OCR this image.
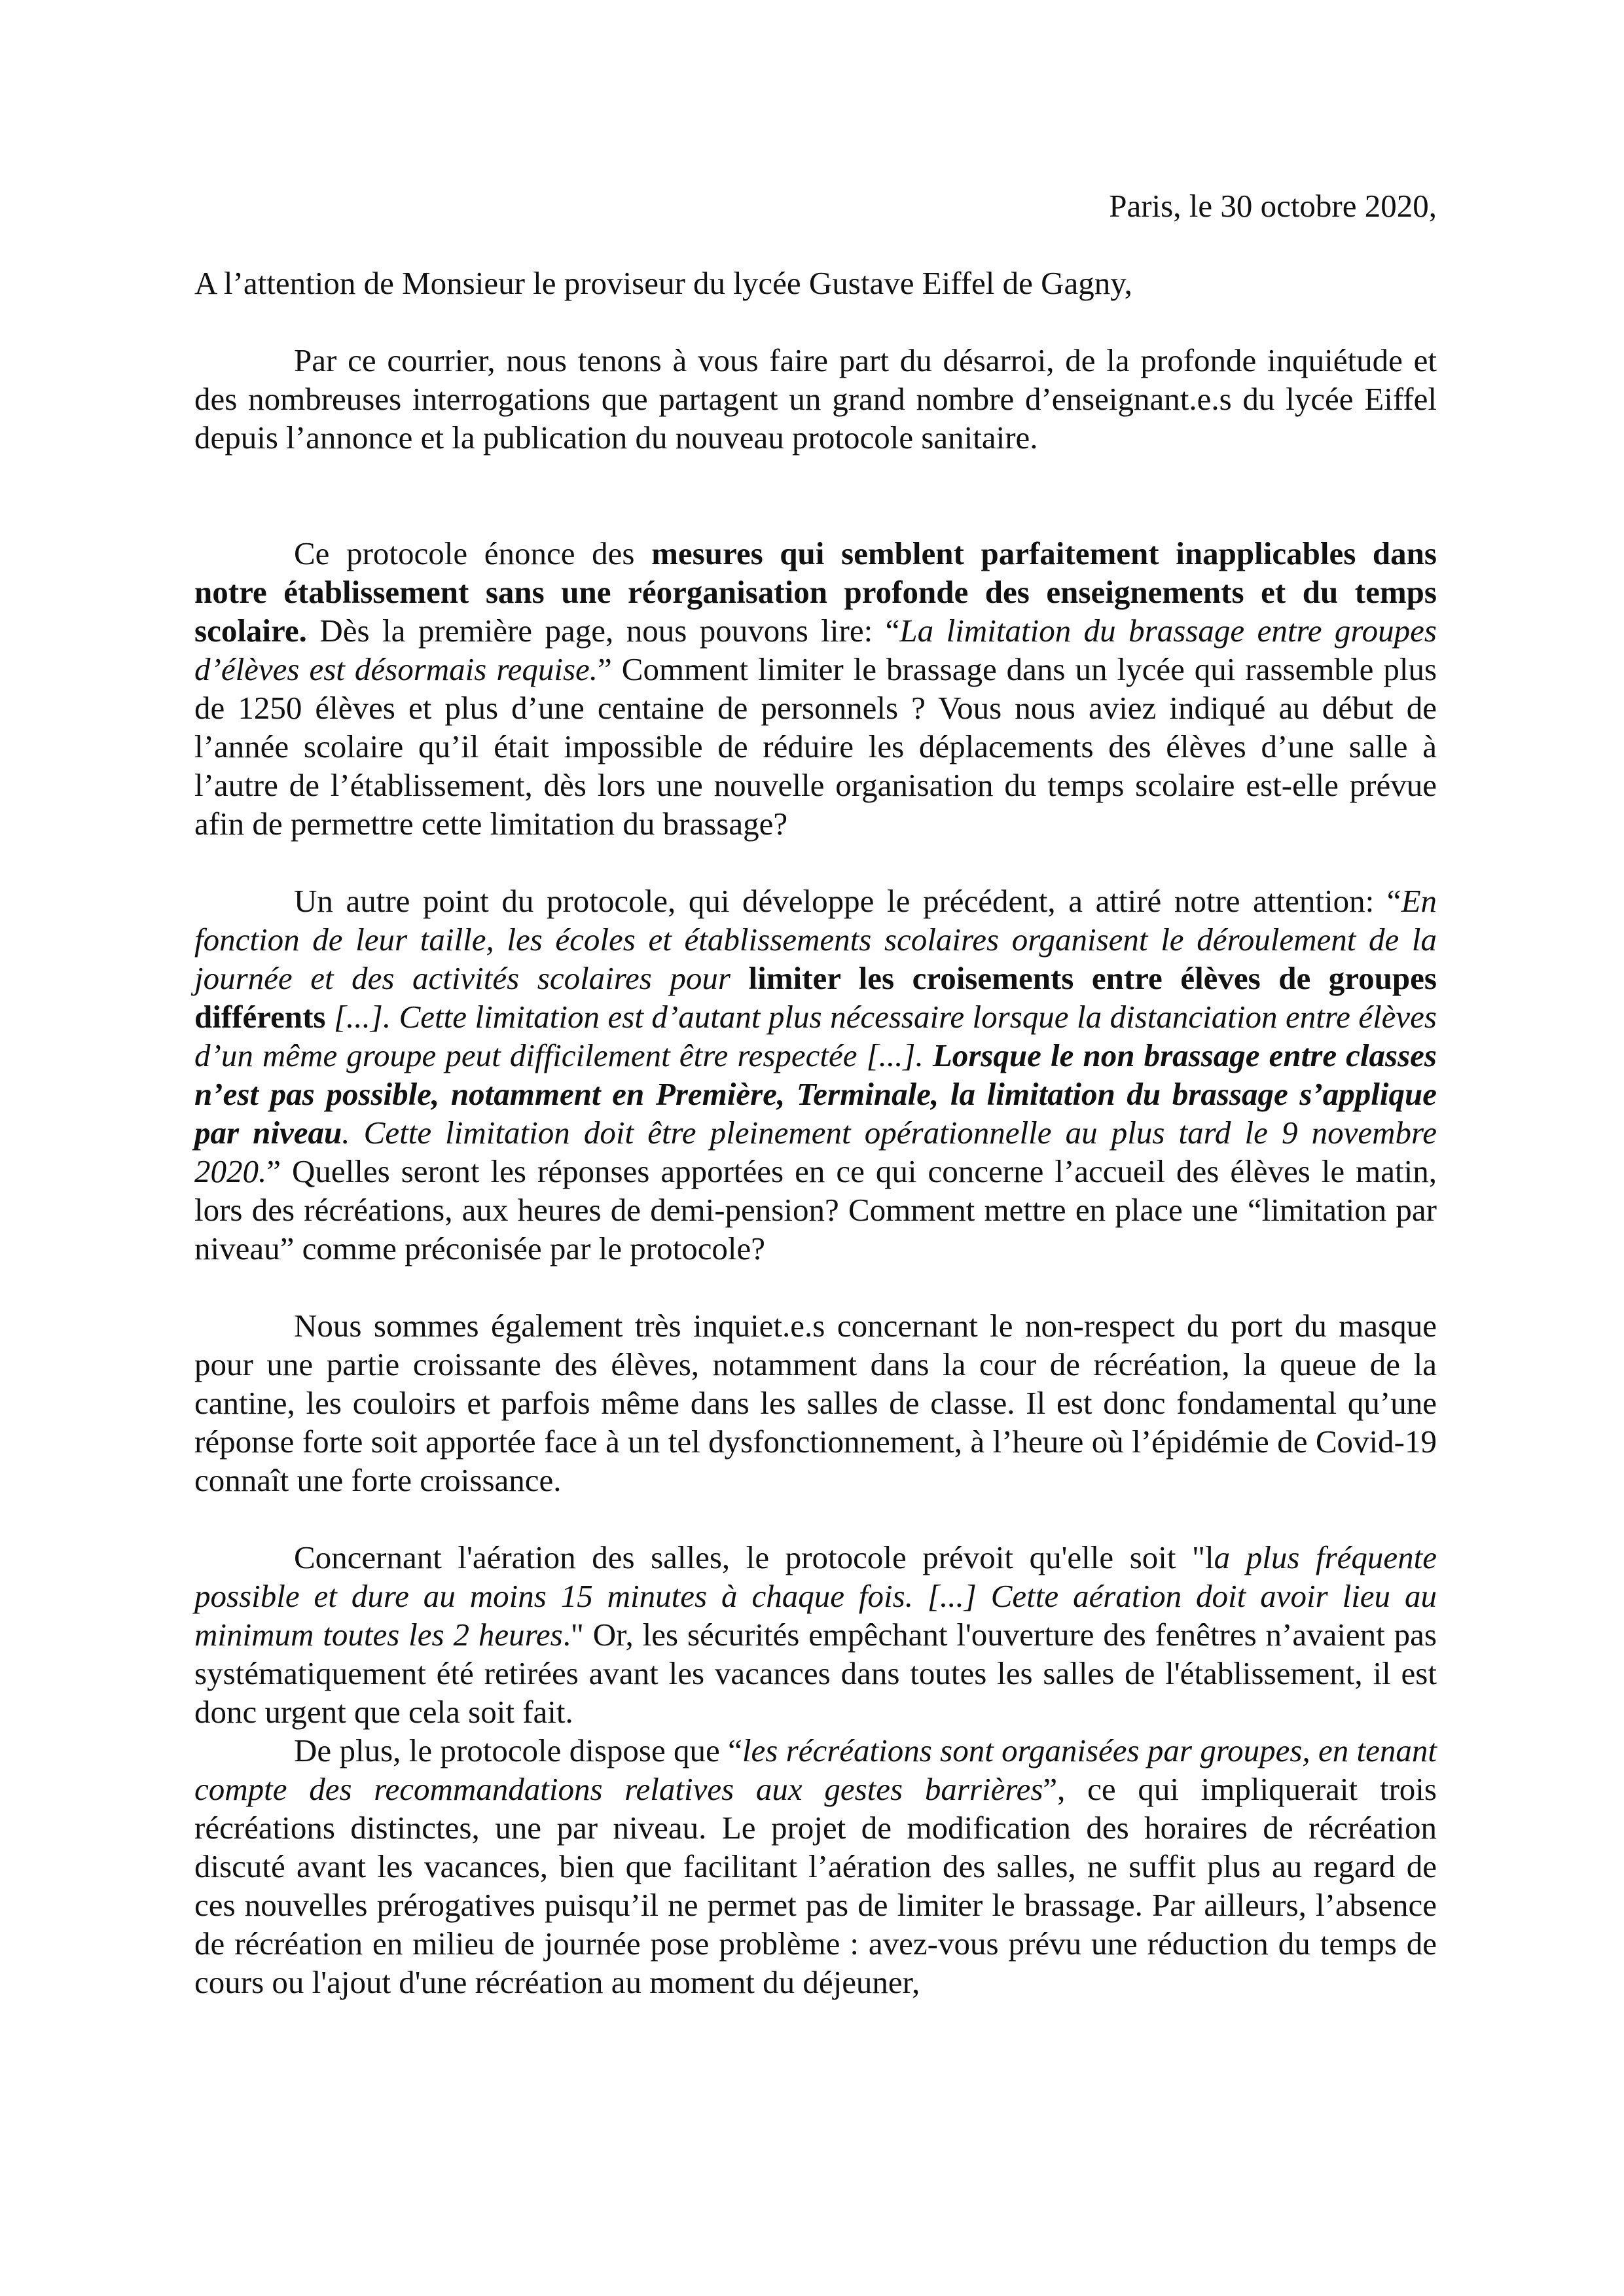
Paris, le 30 octobre 2020,
A l’attention de Monsieur le proviseur du lycée Gustave Eiffel de Gagny,

Par ce courrier, nous tenons à vous faire part du désarroi, de la profonde inquiétude et des nombreuses interrogations que partagent un grand nombre d’enseignant.e.s du lycée Eiffel depuis l’annonce et la publication du nouveau protocole sanitaire.

Ce protocole énonce des mesures qui semblent parfaitement inapplicables dans notre établissement sans une réorganisation profonde des enseignements et du temps scolaire. Dès la première page, nous pouvons lire: “La limitation du brassage entre groupes d’élèves est désormais requise.” Comment limiter le brassage dans un lycée qui rassemble plus de 1250 élèves et plus d’une centaine de personnels ? Vous nous aviez indiqué au début de l’année scolaire qu’il était impossible de réduire les déplacements des élèves d’une salle à l’autre de l’établissement, dès lors une nouvelle organisation du temps scolaire est-elle prévue afin de permettre cette limitation du brassage?

Un autre point du protocole, qui développe le précédent, a attiré notre attention: “En fonction de leur taille, les écoles et établissements scolaires organisent le déroulement de la journée et des activités scolaires pour limiter les croisements entre élèves de groupes différents [...]. Cette limitation est d’autant plus nécessaire lorsque la distanciation entre élèves d’un même groupe peut difficilement être respectée [...]. Lorsque le non brassage entre classes n’est pas possible, notamment en Première, Terminale, la limitation du brassage s’applique par niveau. Cette limitation doit être pleinement opérationnelle au plus tard le 9 novembre 2020.” Quelles seront les réponses apportées en ce qui concerne l’accueil des élèves le matin, lors des récréations, aux heures de demi-pension? Comment mettre en place une “limitation par niveau” comme préconisée par le protocole?

Nous sommes également très inquiet.e.s concernant le non-respect du port du masque pour une partie croissante des élèves, notamment dans la cour de récréation, la queue de la cantine, les couloirs et parfois même dans les salles de classe. Il est donc fondamental qu’une réponse forte soit apportée face à un tel dysfonctionnement, à l’heure où l’épidémie de Covid-19 connaît une forte croissance.

Concernant l'aération des salles, le protocole prévoit qu'elle soit "la plus fréquente possible et dure au moins 15 minutes à chaque fois. [...] Cette aération doit avoir lieu au minimum toutes les 2 heures." Or, les sécurités empêchant l'ouverture des fenêtres n’avaient pas systématiquement été retirées avant les vacances dans toutes les salles de l'établissement, il est donc urgent que cela soit fait.

De plus, le protocole dispose que “les récréations sont organisées par groupes, en tenant compte des recommandations relatives aux gestes barrières”, ce qui impliquerait trois récréations distinctes, une par niveau. Le projet de modification des horaires de récréation discuté avant les vacances, bien que facilitant l’aération des salles, ne suffit plus au regard de ces nouvelles prérogatives puisqu’il ne permet pas de limiter le brassage. Par ailleurs, l’absence de récréation en milieu de journée pose problème : avez-vous prévu une réduction du temps de cours ou l'ajout d'une récréation au moment du déjeuner,
